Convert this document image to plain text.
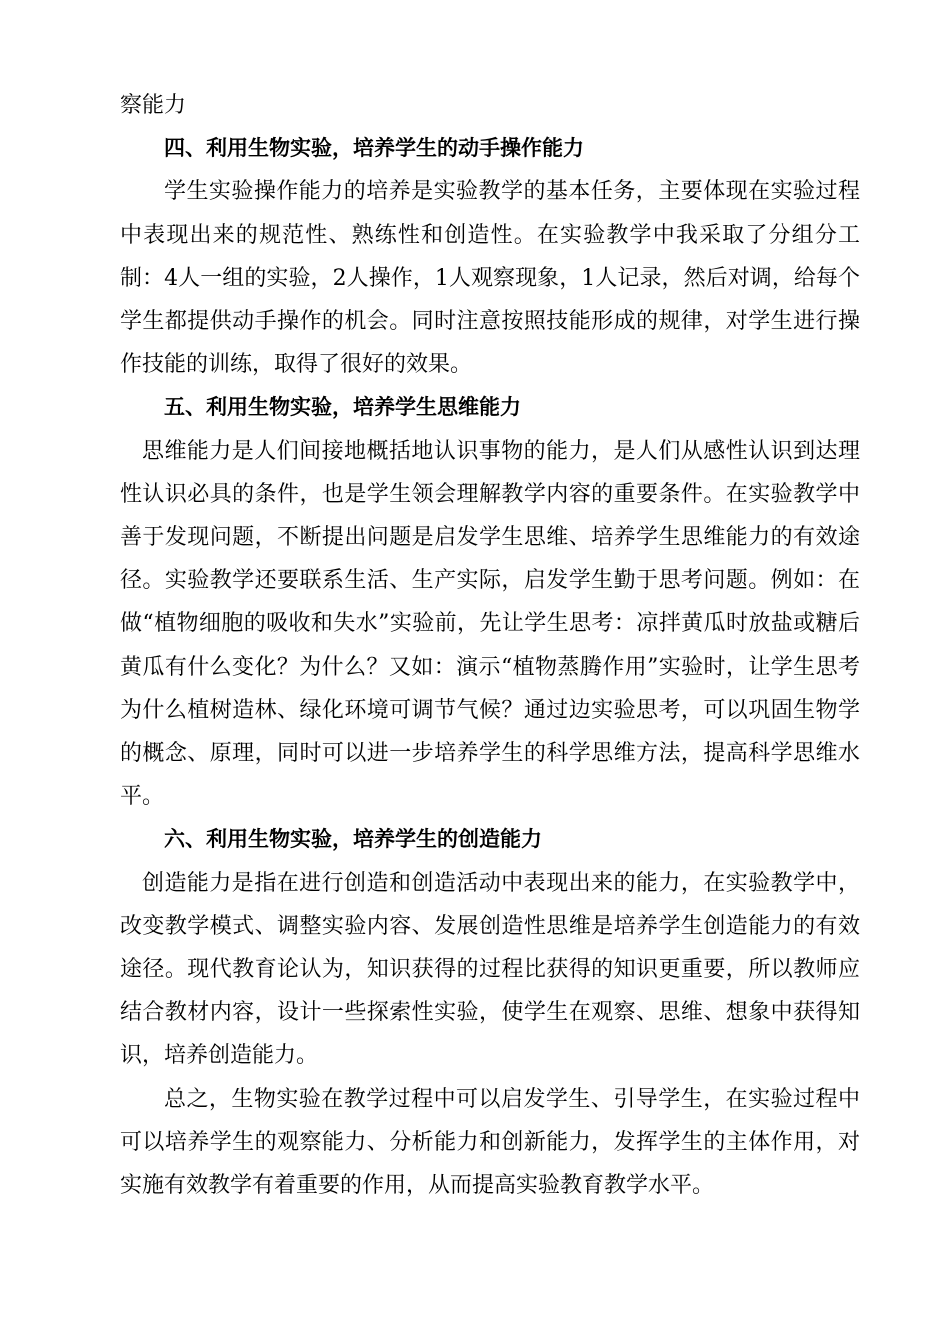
察能力

四、利用生物实验，培养学生的动手操作能力

学生实验操作能力的培养是实验教学的基本任务，主要体现在实验过程中表现出来的规范性、熟练性和创造性。在实验教学中我采取了分组分工制：4人一组的实验，2人操作，1人观察现象，1人记录，然后对调，给每个学生都提供动手操作的机会。同时注意按照技能形成的规律，对学生进行操作技能的训练，取得了很好的效果。

五、利用生物实验，培养学生思维能力

思维能力是人们间接地概括地认识事物的能力，是人们从感性认识到达理性认识必具的条件，也是学生领会理解教学内容的重要条件。在实验教学中善于发现问题，不断提出问题是启发学生思维、培养学生思维能力的有效途径。实验教学还要联系生活、生产实际，启发学生勤于思考问题。例如：在做“植物细胞的吸收和失水”实验前，先让学生思考：凉拌黄瓜时放盐或糖后黄瓜有什么变化？为什么？又如：演示“植物蒸腾作用”实验时，让学生思考为什么植树造林、绿化环境可调节气候？通过边实验思考，可以巩固生物学的概念、原理，同时可以进一步培养学生的科学思维方法，提高科学思维水平。

六、利用生物实验，培养学生的创造能力

创造能力是指在进行创造和创造活动中表现出来的能力，在实验教学中，改变教学模式、调整实验内容、发展创造性思维是培养学生创造能力的有效途径。现代教育论认为，知识获得的过程比获得的知识更重要，所以教师应结合教材内容，设计一些探索性实验，使学生在观察、思维、想象中获得知识，培养创造能力。

总之，生物实验在教学过程中可以启发学生、引导学生，在实验过程中可以培养学生的观察能力、分析能力和创新能力，发挥学生的主体作用，对实施有效教学有着重要的作用，从而提高实验教育教学水平。
